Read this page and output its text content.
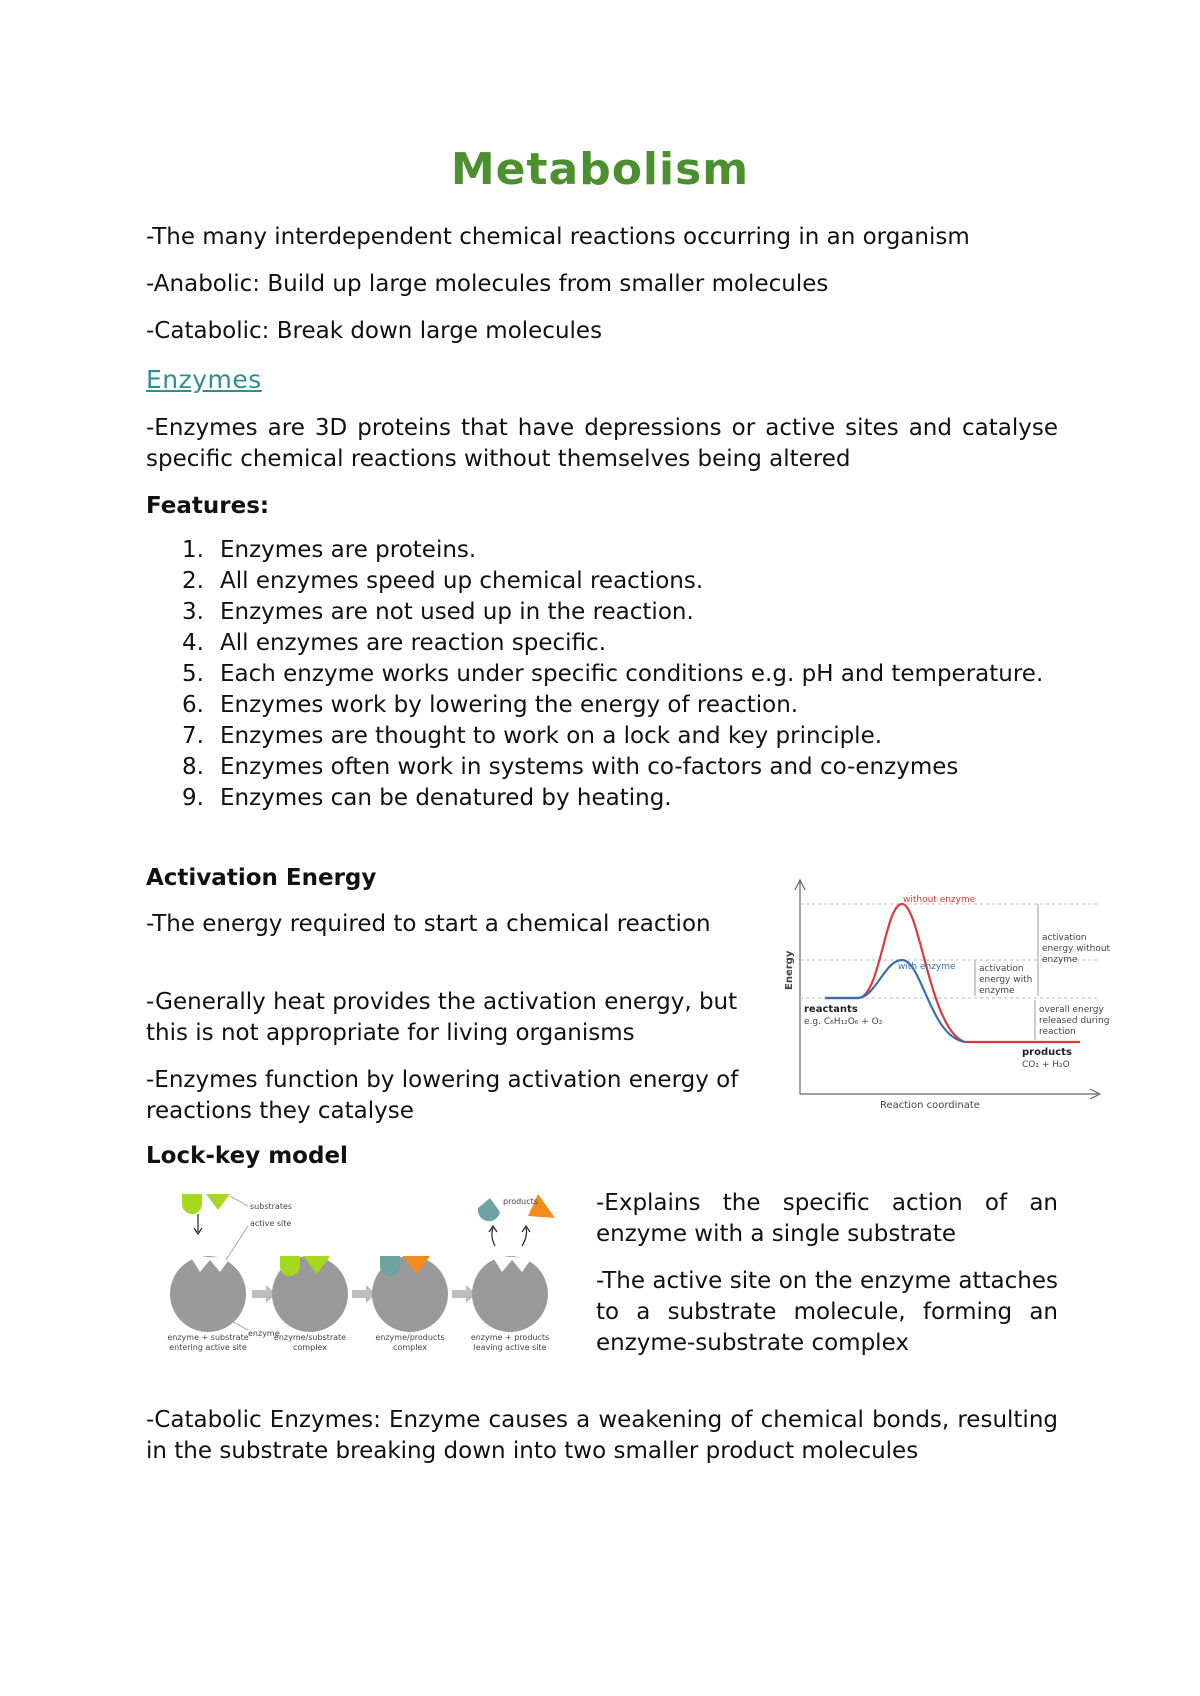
Metabolism
-The many interdependent chemical reactions occurring in an organism
-Anabolic: Build up large molecules from smaller molecules
-Catabolic: Break down large molecules
Enzymes
-Enzymes are 3D proteins that have depressions or active sites and catalyse specific chemical reactions without themselves being altered
Features:
1. Enzymes are proteins.
2. All enzymes speed up chemical reactions.
3. Enzymes are not used up in the reaction.
4. All enzymes are reaction specific.
5. Each enzyme works under specific conditions e.g. pH and temperature.
6. Enzymes work by lowering the energy of reaction.
7. Enzymes are thought to work on a lock and key principle.
8. Enzymes often work in systems with co-factors and co-enzymes
9. Enzymes can be denatured by heating.
Activation Energy
-The energy required to start a chemical reaction
-Generally heat provides the activation energy, but this is not appropriate for living organisms
-Enzymes function by lowering activation energy of reactions they catalyse
Energy
Reaction coordinate
without enzyme
with enzyme
activation
energy without
enzyme
activation
energy with
enzyme
overall energy
released during
reaction
reactants
e.g. C₆H₁₂O₆ + O₂
products
CO₂ + H₂O
Lock-key model
substrates
active site
enzyme
products
enzyme + substrate
entering active site
enzyme/substrate
complex
enzyme/products
complex
enzyme + products
leaving active site
-Explains the specific action of an enzyme with a single substrate
-The active site on the enzyme attaches to a substrate molecule, forming an enzyme-substrate complex
-Catabolic Enzymes: Enzyme causes a weakening of chemical bonds, resulting in the substrate breaking down into two smaller product molecules
